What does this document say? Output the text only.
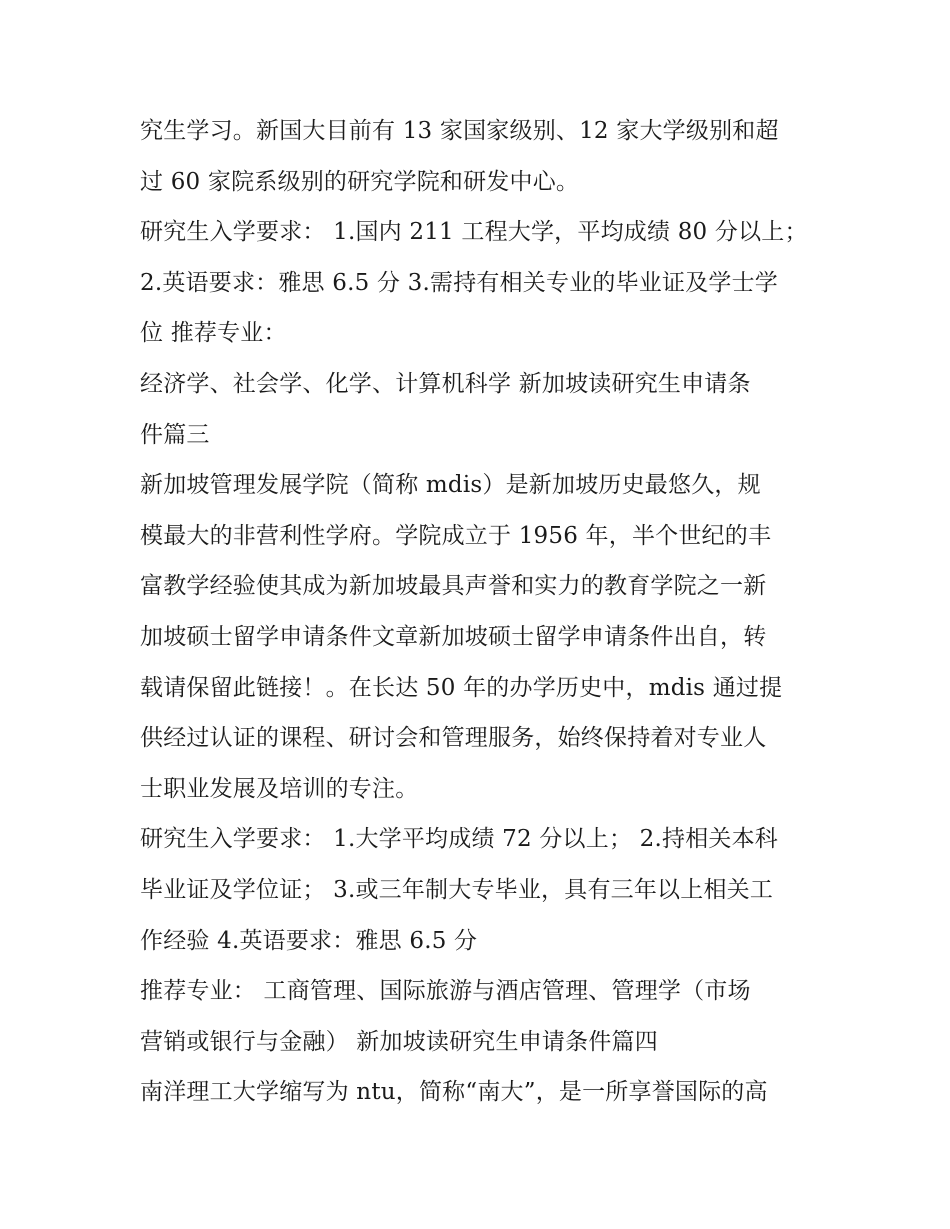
究生学习。新国大目前有 13 家国家级别、12 家大学级别和超
过 60 家院系级别的研究学院和研发中心。
研究生入学要求： 1.国内 211 工程大学，平均成绩 80 分以上；
2.英语要求：雅思 6.5 分 3.需持有相关专业的毕业证及学士学
位 推荐专业：
经济学、社会学、化学、计算机科学 新加坡读研究生申请条
件篇三
新加坡管理发展学院（简称 mdis）是新加坡历史最悠久，规
模最大的非营利性学府。学院成立于 1956 年，半个世纪的丰
富教学经验使其成为新加坡最具声誉和实力的教育学院之一新
加坡硕士留学申请条件文章新加坡硕士留学申请条件出自，转
载请保留此链接！。在长达 50 年的办学历史中，mdis 通过提
供经过认证的课程、研讨会和管理服务，始终保持着对专业人
士职业发展及培训的专注。
研究生入学要求： 1.大学平均成绩 72 分以上； 2.持相关本科
毕业证及学位证； 3.或三年制大专毕业，具有三年以上相关工
作经验 4.英语要求：雅思 6.5 分
推荐专业： 工商管理、国际旅游与酒店管理、管理学（市场
营销或银行与金融） 新加坡读研究生申请条件篇四
南洋理工大学缩写为 ntu，简称“南大”，是一所享誉国际的高
